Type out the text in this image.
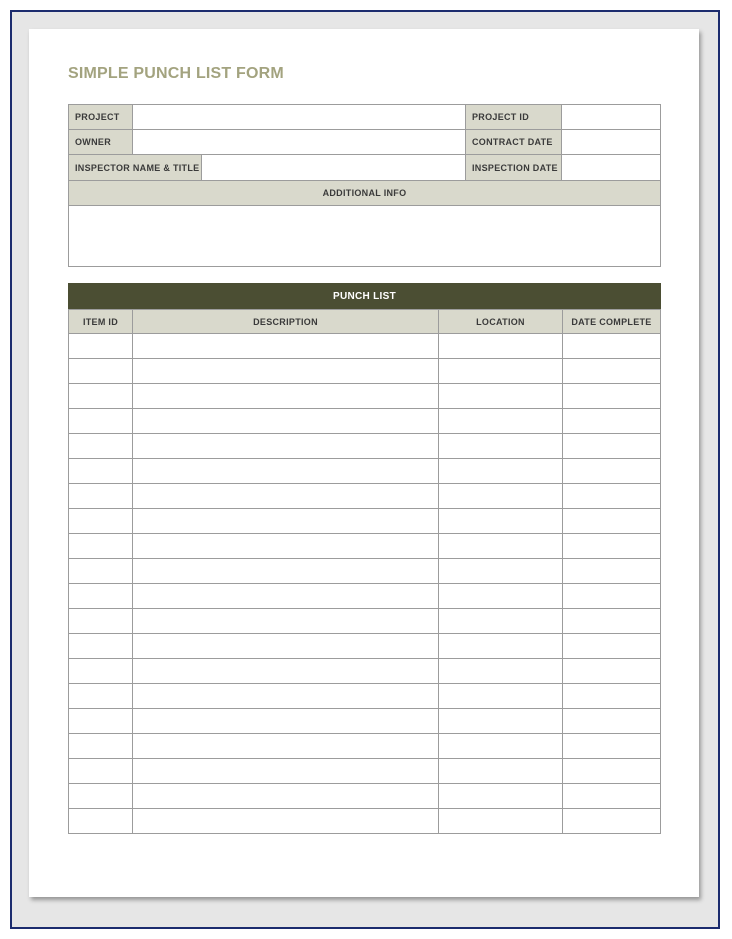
SIMPLE PUNCH LIST FORM
PROJECT	PROJECT ID
OWNER	CONTRACT DATE
INSPECTOR NAME & TITLE	INSPECTION DATE
ADDITIONAL INFO
PUNCH LIST
ITEM ID	DESCRIPTION	LOCATION	DATE COMPLETE
